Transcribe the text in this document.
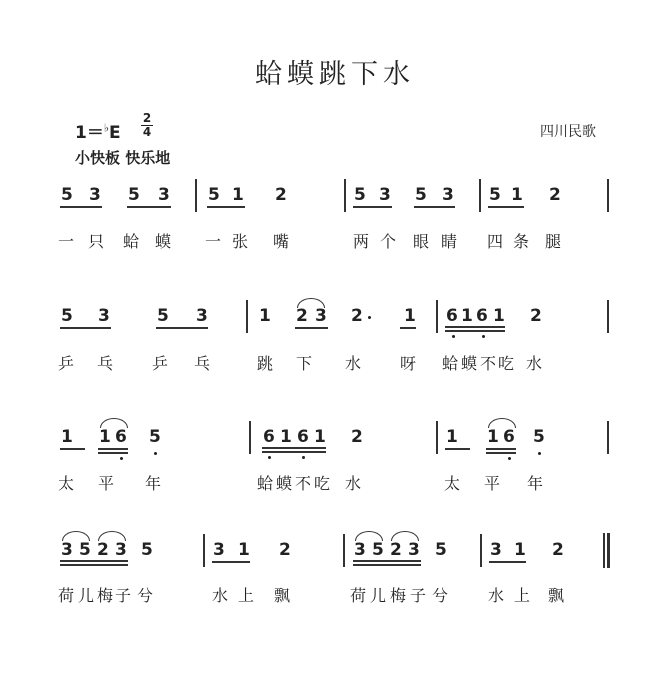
蛤蟆跳下水
1＝♭E
2
4
小快板 快乐地
四川民歌
5 3 5 3 5 1 2	5 3 5 3 5 1 2
一 只 蛤 蟆 一 张 嘴	两 个 眼 睛 四 条 腿
5 3	5 3	1 2 3 2 1 6 1 6 1 2
乒 乓 乒 乓	跳 下 水 呀 蛤 蟆 不 吃 水
1 1 6 5	6 1 6 1 2	1 1 6 5
太 平 年	蛤 蟆 不 吃 水	太 平 年
3 5 2 3 5	3 1 2	3 5 2 3 5	3 1 2
荷 儿 梅 子 兮	水 上 飘	荷 儿 梅 子 兮 水 上 飘
